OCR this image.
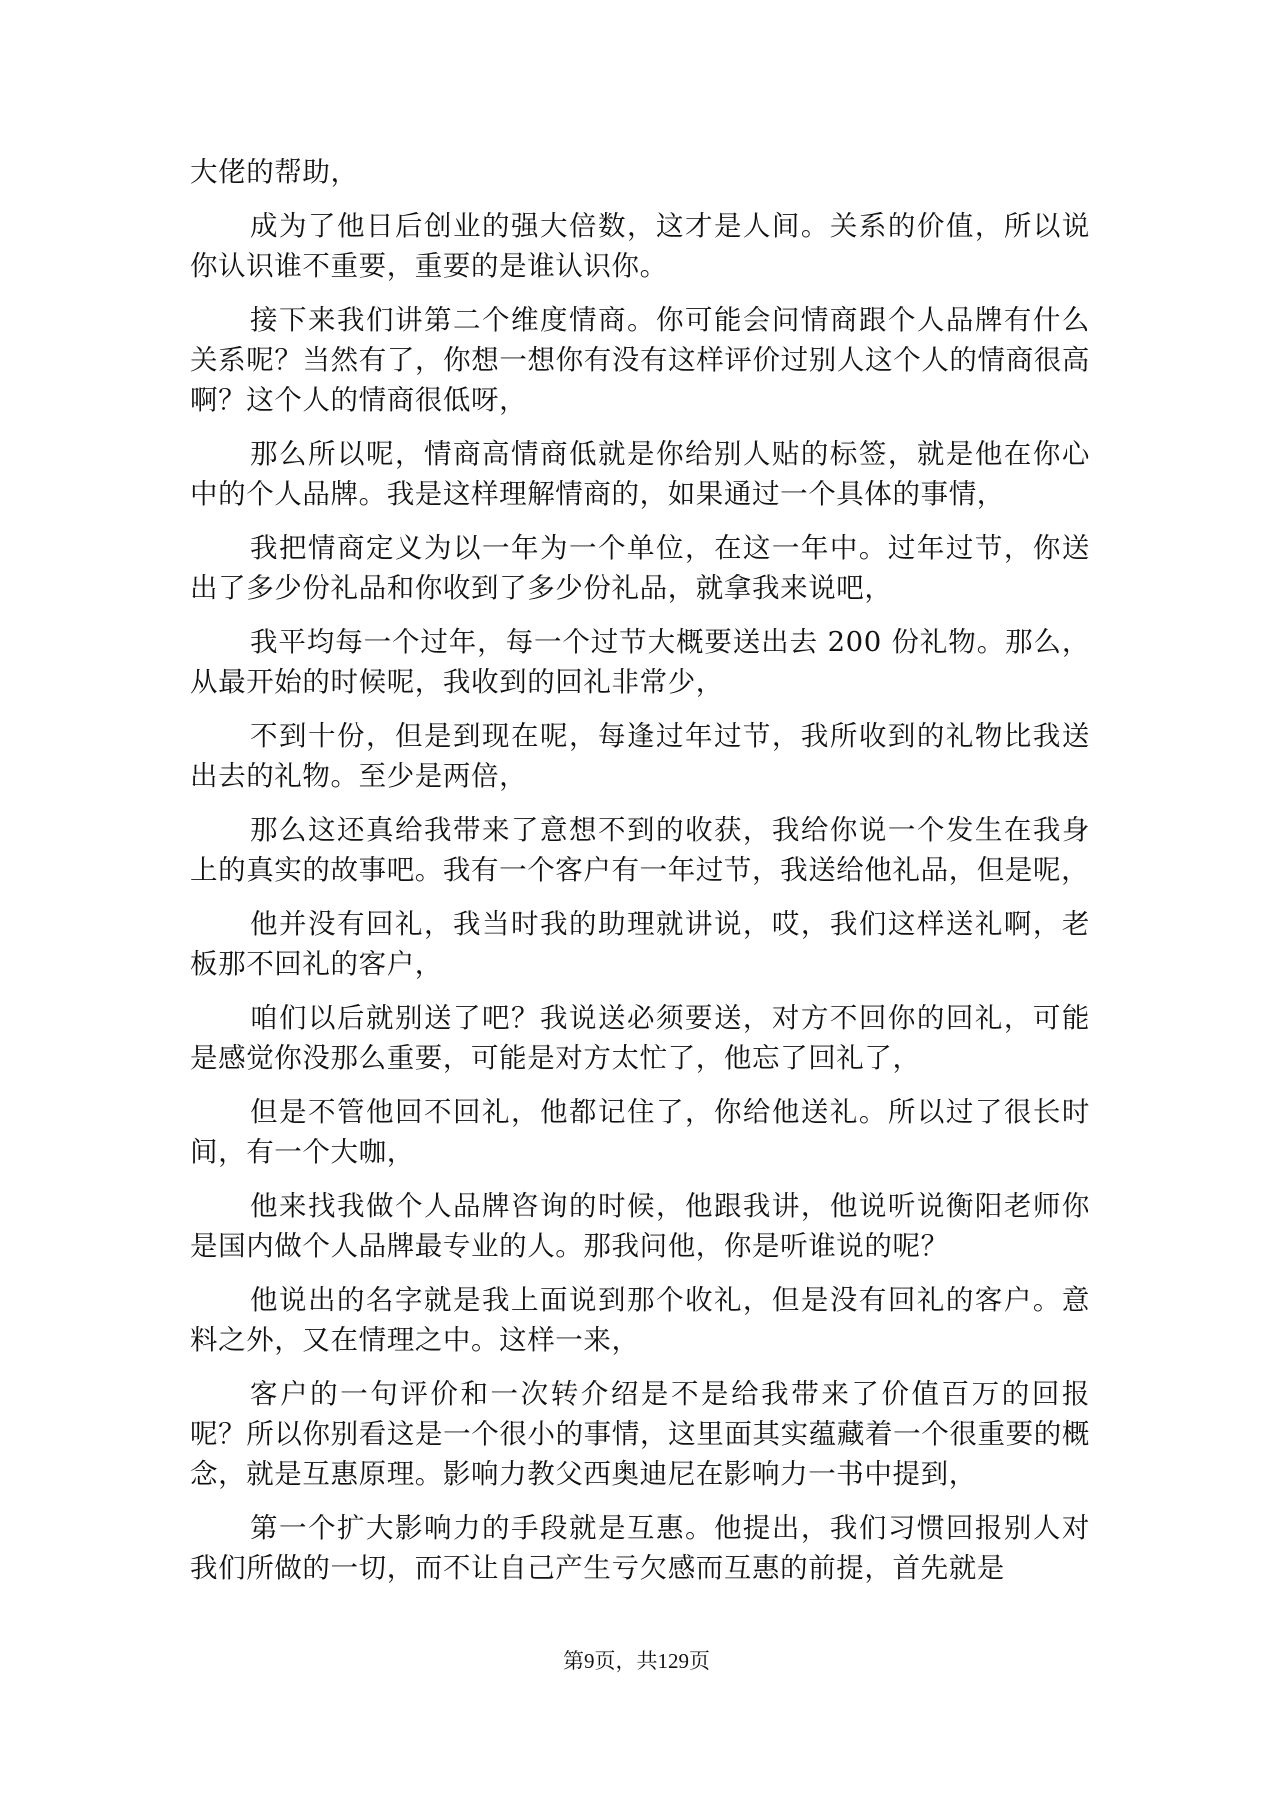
大佬的帮助，

成为了他日后创业的强大倍数，这才是人间。关系的价值，所以说你认识谁不重要，重要的是谁认识你。

接下来我们讲第二个维度情商。你可能会问情商跟个人品牌有什么关系呢？当然有了，你想一想你有没有这样评价过别人这个人的情商很高啊？这个人的情商很低呀，

那么所以呢，情商高情商低就是你给别人贴的标签，就是他在你心中的个人品牌。我是这样理解情商的，如果通过一个具体的事情，

我把情商定义为以一年为一个单位，在这一年中。过年过节，你送出了多少份礼品和你收到了多少份礼品，就拿我来说吧，

我平均每一个过年，每一个过节大概要送出去 200 份礼物。那么，从最开始的时候呢，我收到的回礼非常少，

不到十份，但是到现在呢，每逢过年过节，我所收到的礼物比我送出去的礼物。至少是两倍，

那么这还真给我带来了意想不到的收获，我给你说一个发生在我身上的真实的故事吧。我有一个客户有一年过节，我送给他礼品，但是呢，

他并没有回礼，我当时我的助理就讲说，哎，我们这样送礼啊，老板那不回礼的客户，

咱们以后就别送了吧？我说送必须要送，对方不回你的回礼，可能是感觉你没那么重要，可能是对方太忙了，他忘了回礼了，

但是不管他回不回礼，他都记住了，你给他送礼。所以过了很长时间，有一个大咖，

他来找我做个人品牌咨询的时候，他跟我讲，他说听说衡阳老师你是国内做个人品牌最专业的人。那我问他，你是听谁说的呢？

他说出的名字就是我上面说到那个收礼，但是没有回礼的客户。意料之外，又在情理之中。这样一来，

客户的一句评价和一次转介绍是不是给我带来了价值百万的回报呢？所以你别看这是一个很小的事情，这里面其实蕴藏着一个很重要的概念，就是互惠原理。影响力教父西奥迪尼在影响力一书中提到，

第一个扩大影响力的手段就是互惠。他提出，我们习惯回报别人对我们所做的一切，而不让自己产生亏欠感而互惠的前提，首先就是

第9页，共129页
